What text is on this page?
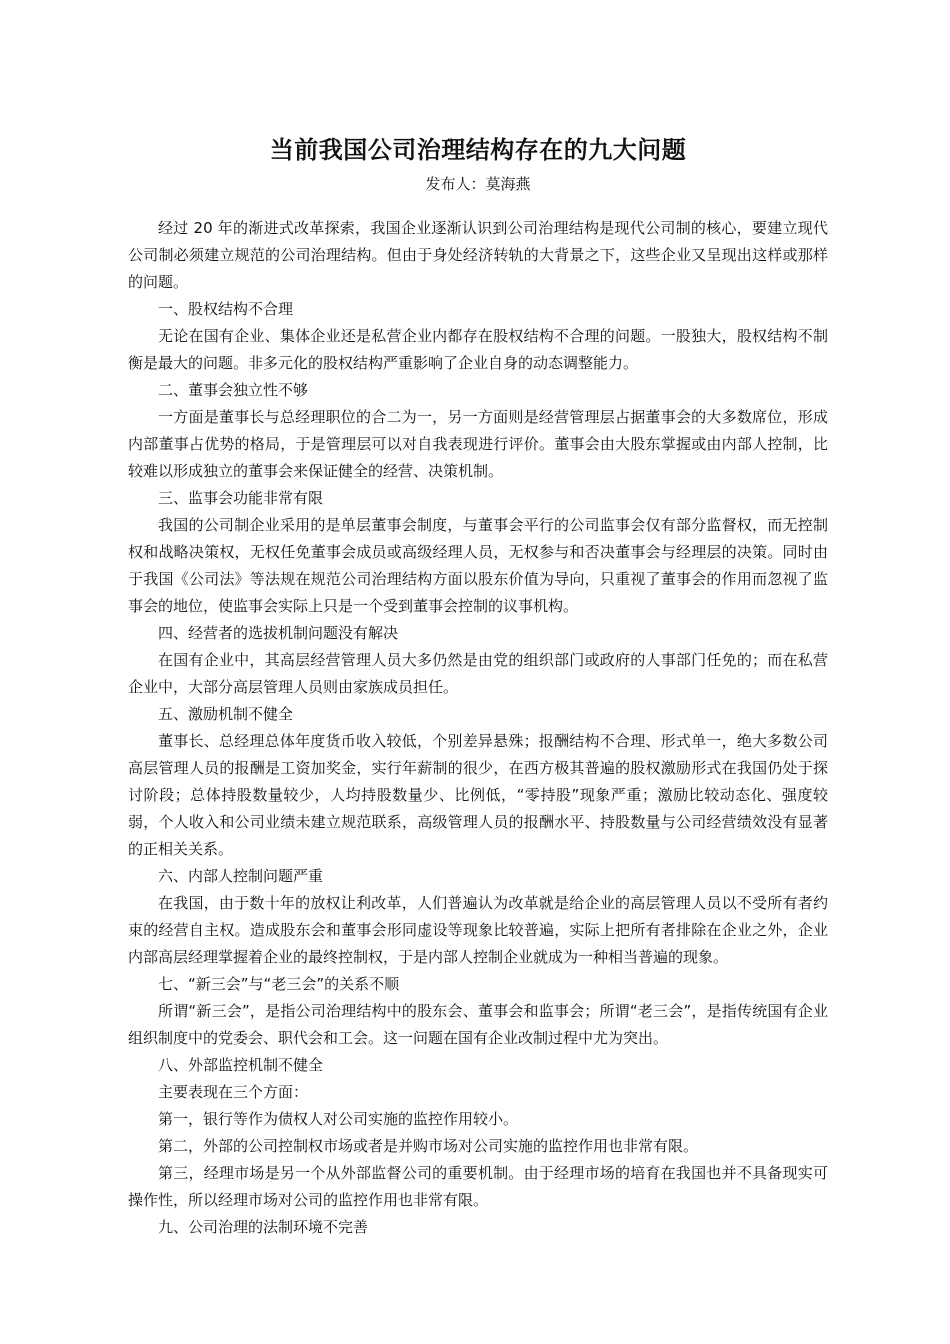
当前我国公司治理结构存在的九大问题
发布人：莫海燕

经过 20 年的渐进式改革探索，我国企业逐渐认识到公司治理结构是现代公司制的核心，要建立现代公司制必须建立规范的公司治理结构。但由于身处经济转轨的大背景之下，这些企业又呈现出这样或那样的问题。

一、股权结构不合理

无论在国有企业、集体企业还是私营企业内都存在股权结构不合理的问题。一股独大，股权结构不制衡是最大的问题。非多元化的股权结构严重影响了企业自身的动态调整能力。

二、董事会独立性不够

一方面是董事长与总经理职位的合二为一，另一方面则是经营管理层占据董事会的大多数席位，形成内部董事占优势的格局，于是管理层可以对自我表现进行评价。董事会由大股东掌握或由内部人控制，比较难以形成独立的董事会来保证健全的经营、决策机制。

三、监事会功能非常有限

我国的公司制企业采用的是单层董事会制度，与董事会平行的公司监事会仅有部分监督权，而无控制权和战略决策权，无权任免董事会成员或高级经理人员，无权参与和否决董事会与经理层的决策。同时由于我国《公司法》等法规在规范公司治理结构方面以股东价值为导向，只重视了董事会的作用而忽视了监事会的地位，使监事会实际上只是一个受到董事会控制的议事机构。

四、经营者的选拔机制问题没有解决

在国有企业中，其高层经营管理人员大多仍然是由党的组织部门或政府的人事部门任免的；而在私营企业中，大部分高层管理人员则由家族成员担任。

五、激励机制不健全

董事长、总经理总体年度货币收入较低，个别差异悬殊；报酬结构不合理、形式单一，绝大多数公司高层管理人员的报酬是工资加奖金，实行年薪制的很少，在西方极其普遍的股权激励形式在我国仍处于探讨阶段；总体持股数量较少，人均持股数量少、比例低，“零持股”现象严重；激励比较动态化、强度较弱，个人收入和公司业绩未建立规范联系，高级管理人员的报酬水平、持股数量与公司经营绩效没有显著的正相关关系。

六、内部人控制问题严重

在我国，由于数十年的放权让利改革，人们普遍认为改革就是给企业的高层管理人员以不受所有者约束的经营自主权。造成股东会和董事会形同虚设等现象比较普遍，实际上把所有者排除在企业之外，企业内部高层经理掌握着企业的最终控制权，于是内部人控制企业就成为一种相当普遍的现象。

七、“新三会”与“老三会”的关系不顺

所谓“新三会”，是指公司治理结构中的股东会、董事会和监事会；所谓“老三会”，是指传统国有企业组织制度中的党委会、职代会和工会。这一问题在国有企业改制过程中尤为突出。

八、外部监控机制不健全

主要表现在三个方面：

第一，银行等作为债权人对公司实施的监控作用较小。

第二，外部的公司控制权市场或者是并购市场对公司实施的监控作用也非常有限。

第三，经理市场是另一个从外部监督公司的重要机制。由于经理市场的培育在我国也并不具备现实可操作性，所以经理市场对公司的监控作用也非常有限。

九、公司治理的法制环境不完善
